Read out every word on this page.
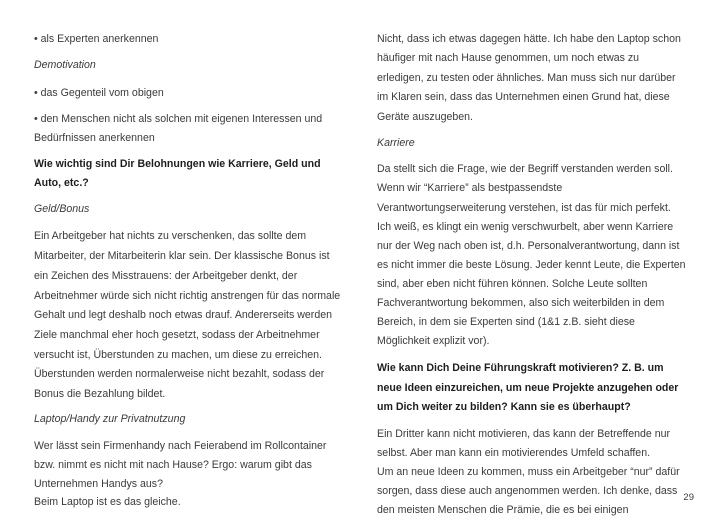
• als Experten anerkennen

Demotivation

• das Gegenteil vom obigen

• den Menschen nicht als solchen mit eigenen Interessen und

Bedürfnissen anerkennen

Wie wichtig sind Dir Belohnungen wie Karriere, Geld und

Auto, etc.?

Geld/Bonus

Ein Arbeitgeber hat nichts zu verschenken, das sollte dem

Mitarbeiter, der Mitarbeiterin klar sein. Der klassische Bonus ist

ein Zeichen des Misstrauens: der Arbeitgeber denkt, der

Arbeitnehmer würde sich nicht richtig anstrengen für das normale

Gehalt und legt deshalb noch etwas drauf. Andererseits werden

Ziele manchmal eher hoch gesetzt, sodass der Arbeitnehmer

versucht ist, Überstunden zu machen, um diese zu erreichen.

Überstunden werden normalerweise nicht bezahlt, sodass der

Bonus die Bezahlung bildet.

Laptop/Handy zur Privatnutzung

Wer lässt sein Firmenhandy nach Feierabend im Rollcontainer

bzw. nimmt es nicht mit nach Hause? Ergo: warum gibt das

Unternehmen Handys aus?

Beim Laptop ist es das gleiche.

Nicht, dass ich etwas dagegen hätte. Ich habe den Laptop schon

häufiger mit nach Hause genommen, um noch etwas zu

erledigen, zu testen oder ähnliches. Man muss sich nur darüber

im Klaren sein, dass das Unternehmen einen Grund hat, diese

Geräte auszugeben.

Karriere

Da stellt sich die Frage, wie der Begriff verstanden werden soll.

Wenn wir “Karriere” als bestpassendste

Verantwortungserweiterung verstehen, ist das für mich perfekt.

Ich weiß, es klingt ein wenig verschwurbelt, aber wenn Karriere

nur der Weg nach oben ist, d.h. Personalverantwortung, dann ist

es nicht immer die beste Lösung. Jeder kennt Leute, die Experten

sind, aber eben nicht führen können. Solche Leute sollten

Fachverantwortung bekommen, also sich weiterbilden in dem

Bereich, in dem sie Experten sind (1&1 z.B. sieht diese

Möglichkeit explizit vor).

Wie kann Dich Deine Führungskraft motivieren? Z. B. um

neue Ideen einzureichen, um neue Projekte anzugehen oder

um Dich weiter zu bilden? Kann sie es überhaupt?

Ein Dritter kann nicht motivieren, das kann der Betreffende nur

selbst. Aber man kann ein motivierendes Umfeld schaffen.

Um an neue Ideen zu kommen, muss ein Arbeitgeber “nur” dafür

sorgen, dass diese auch angenommen werden. Ich denke, dass

den meisten Menschen die Prämie, die es bei einigen

29
